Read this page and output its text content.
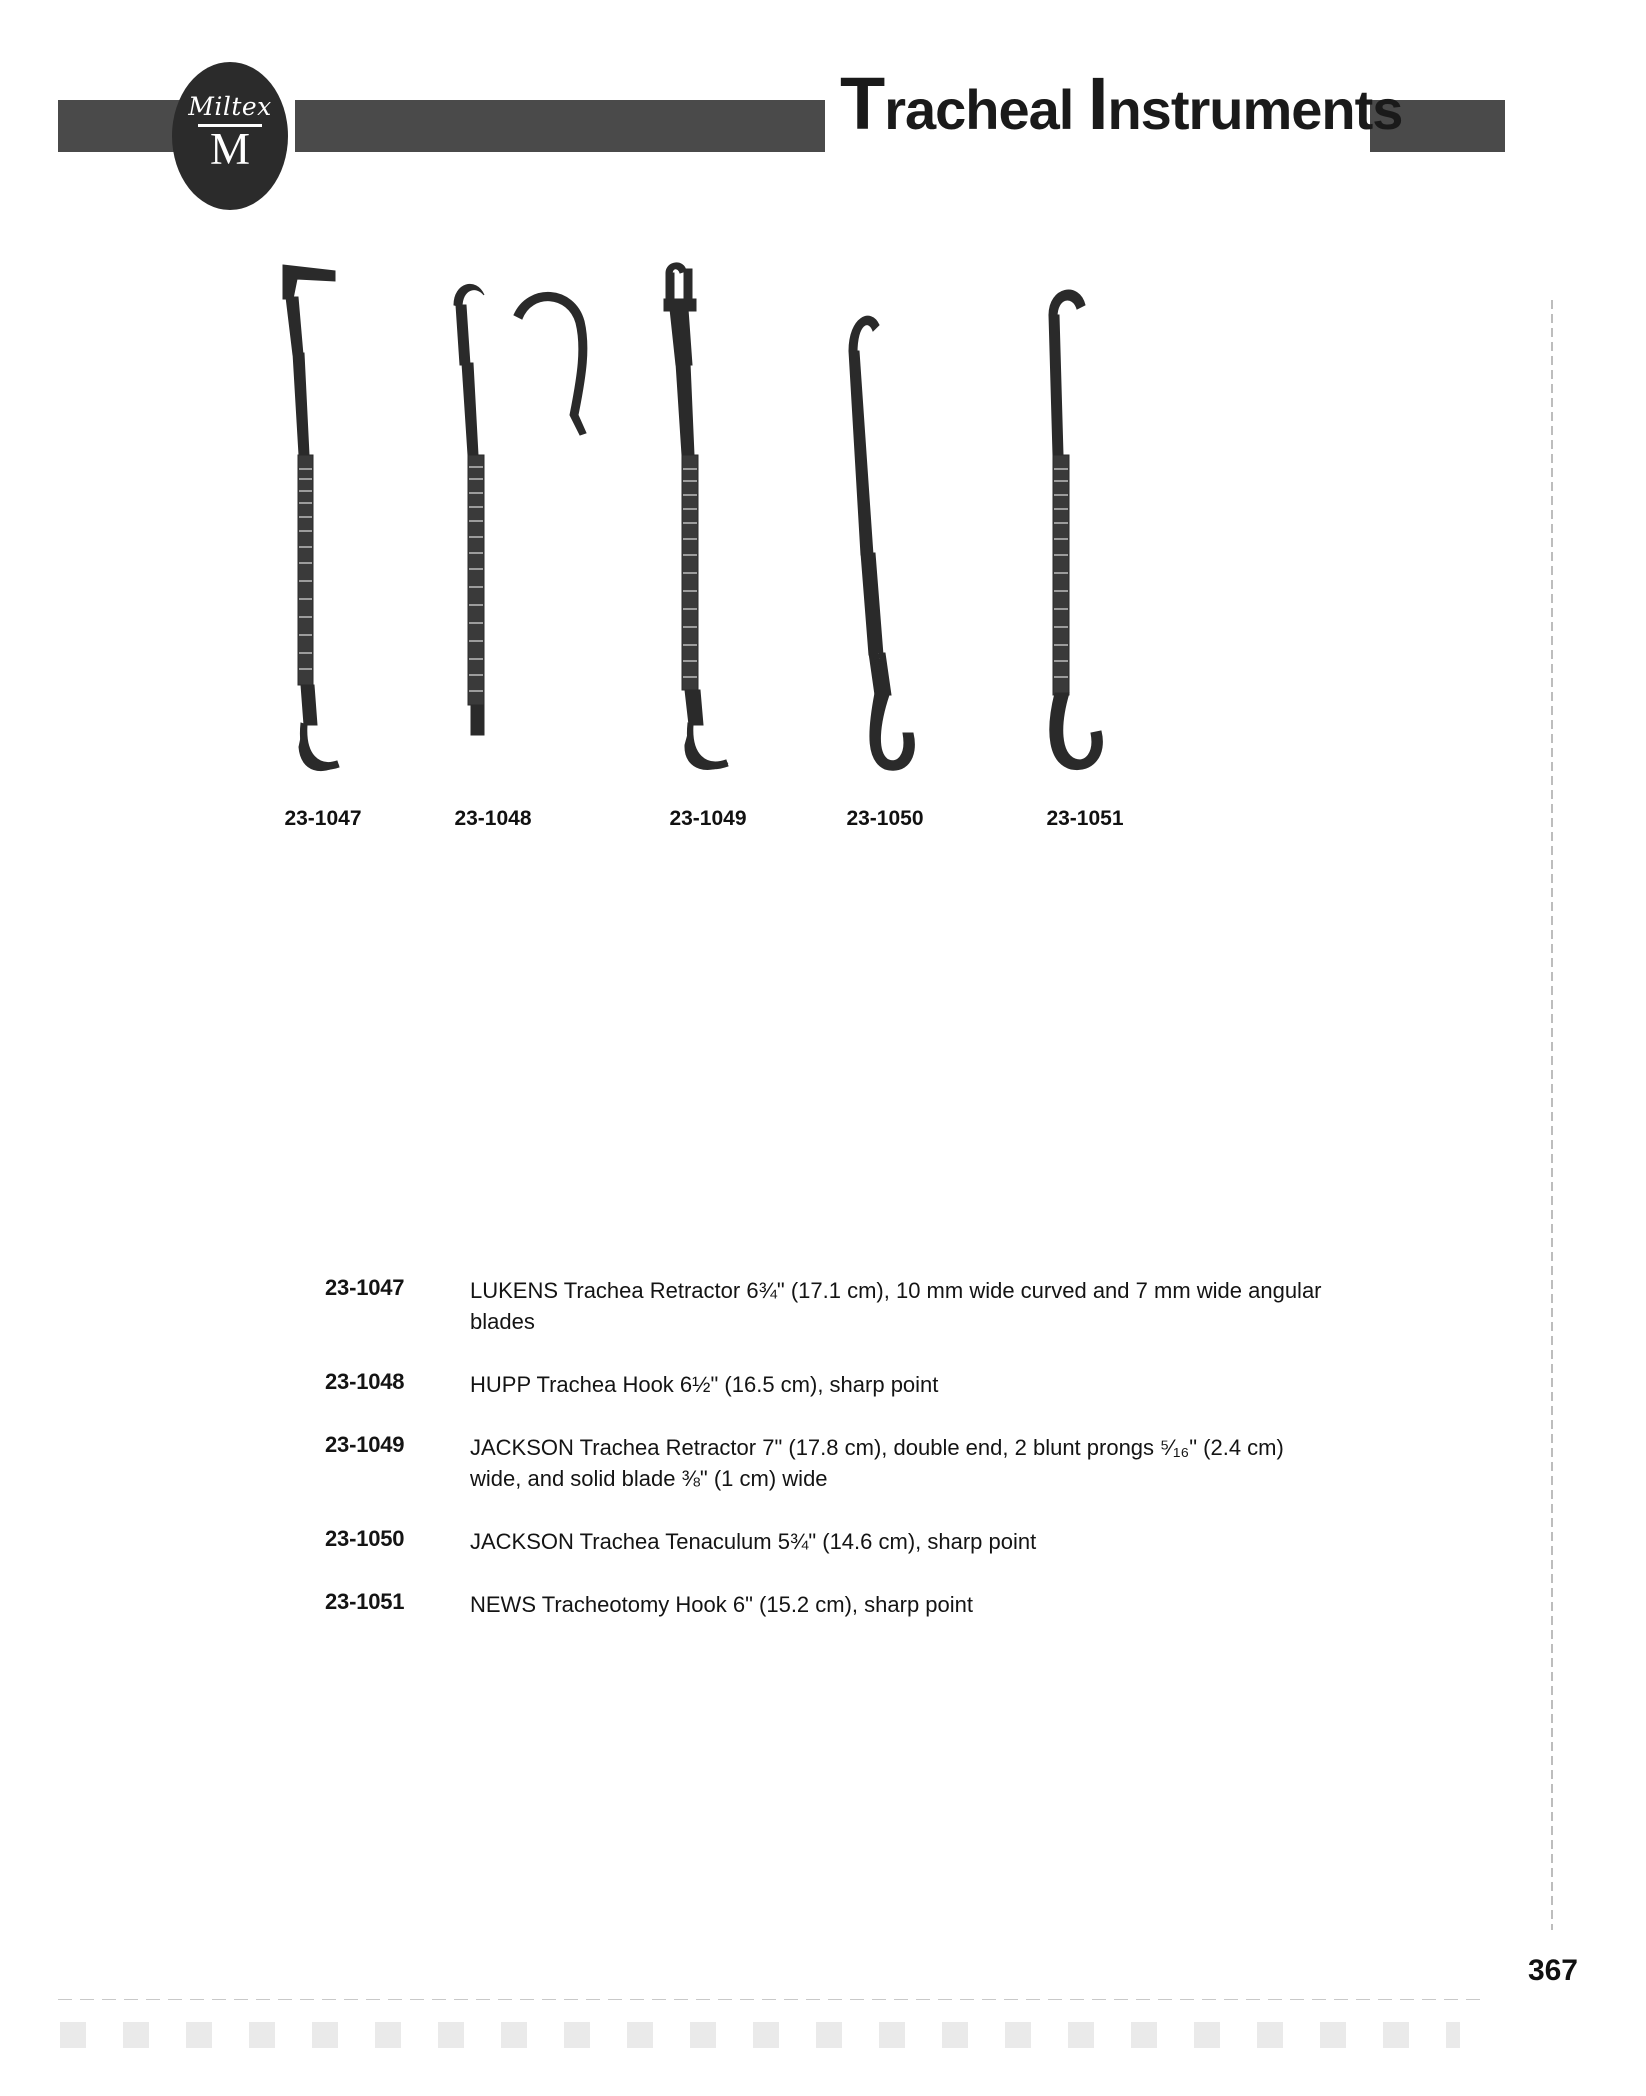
Miltex
M
Tracheal Instruments
23-1047	23-1048	23-1049
Miltex
23-1050	23-1051
23-1047	LUKENS Trachea Retractor 6¾" (17.1 cm), 10 mm wide curved and 7 mm wide angular blades
23-1048	HUPP Trachea Hook 6½" (16.5 cm), sharp point
23-1049	JACKSON Trachea Retractor 7" (17.8 cm), double end, 2 blunt prongs ⁵⁄₁₆" (2.4 cm) wide, and solid blade ⅜" (1 cm) wide
23-1050	JACKSON Trachea Tenaculum 5¾" (14.6 cm), sharp point
23-1051	NEWS Tracheotomy Hook 6" (15.2 cm), sharp point
367
